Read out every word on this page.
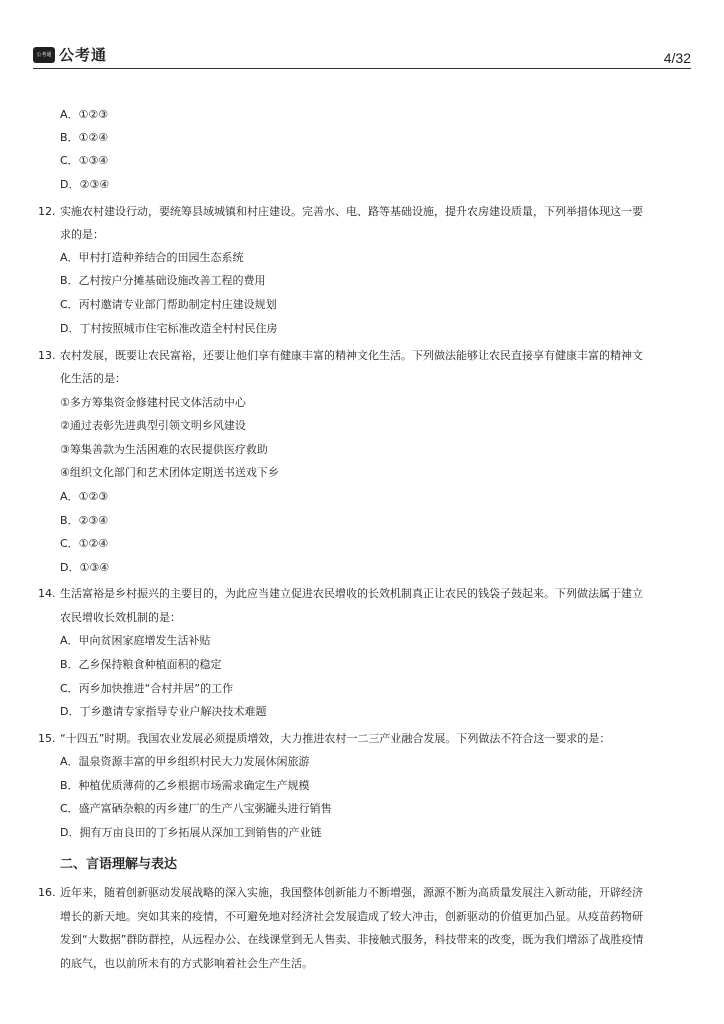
公考通 公考通	4/32
A．①②③
B．①②④
C．①③④
D．②③④
12. 实施农村建设行动，要统筹县域城镇和村庄建设。完善水、电、路等基础设施，提升农房建设质量，下列举措体现这一要
求的是：
A．甲村打造种养结合的田园生态系统
B．乙村按户分摊基础设施改善工程的费用
C．丙村邀请专业部门帮助制定村庄建设规划
D．丁村按照城市住宅标准改造全村村民住房
13. 农村发展，既要让农民富裕，还要让他们享有健康丰富的精神文化生活。下列做法能够让农民直接享有健康丰富的精神文
化生活的是：
①多方筹集资金修建村民文体活动中心
②通过表彰先进典型引领文明乡风建设
③筹集善款为生活困难的农民提供医疗救助
④组织文化部门和艺术团体定期送书送戏下乡
A．①②③
B．②③④
C．①②④
D．①③④
14. 生活富裕是乡村振兴的主要目的，为此应当建立促进农民增收的长效机制真正让农民的钱袋子鼓起来。下列做法属于建立
农民增收长效机制的是：
A．甲向贫困家庭增发生活补贴
B．乙乡保持粮食种植面积的稳定
C．丙乡加快推进“合村并居”的工作
D．丁乡邀请专家指导专业户解决技术难题
15. “十四五”时期。我国农业发展必须提质增效，大力推进农村一二三产业融合发展。下列做法不符合这一要求的是：
A．温泉资源丰富的甲乡组织村民大力发展休闲旅游
B．种植优质薄荷的乙乡根据市场需求确定生产规模
C．盛产富硒杂粮的丙乡建厂的生产八宝粥罐头进行销售
D．拥有万亩良田的丁乡拓展从深加工到销售的产业链
二、言语理解与表达
16. 近年来，随着创新驱动发展战略的深入实施，我国整体创新能力不断增强，源源不断为高质量发展注入新动能，开辟经济
增长的新天地。突如其来的疫情，不可避免地对经济社会发展造成了较大冲击，创新驱动的价值更加凸显。从疫苗药物研
发到“大数据”群防群控，从远程办公、在线课堂到无人售卖、非接触式服务，科技带来的改变，既为我们增添了战胜疫情
的底气，也以前所未有的方式影响着社会生产生活。
